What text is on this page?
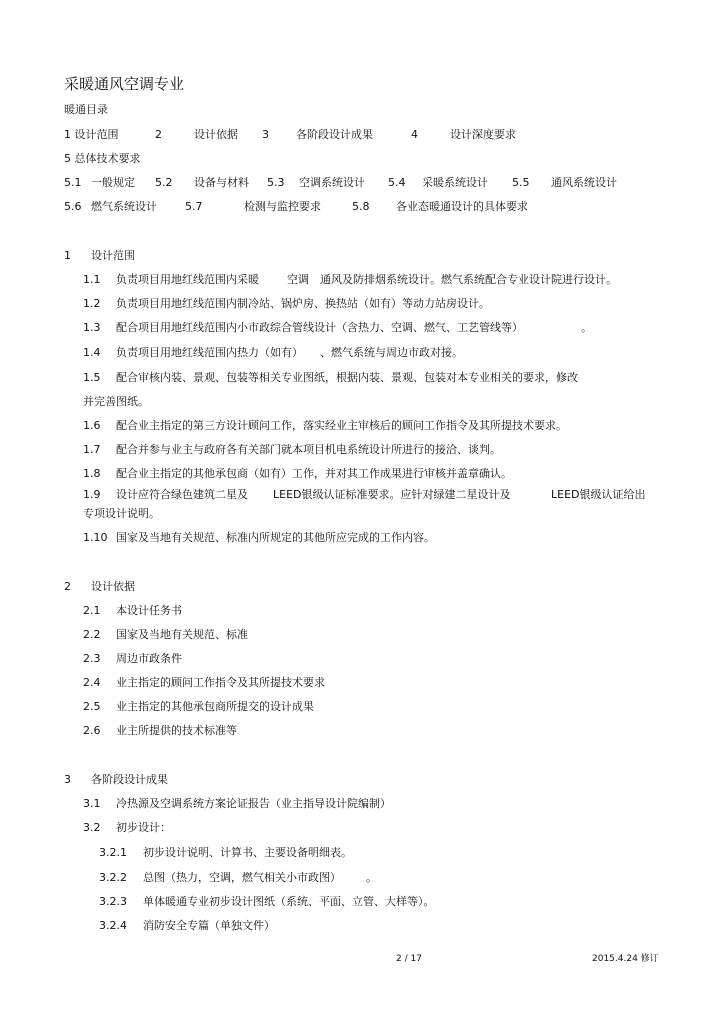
采暖通风空调专业
暖通目录
1 设计范围	2	设计依据 3 各阶段设计成果	4	设计深度要求
5 总体技术要求
5.1 一般规定 5.2 设备与材料 5.3 空调系统设计 5.4 采暖系统设计 5.5 通风系统设计
5.6 燃气系统设计	5.7	检测与监控要求	5.8 各业态暖通设计的具体要求
1 设计范围
1.1 负责项目用地红线范围内采暖	空调 通风及防排烟系统设计。燃气系统配合专业设计院进行设计。
1.2 负责项目用地红线范围内制冷站、锅炉房、换热站（如有）等动力站房设计。
1.3 配合项目用地红线范围内小市政综合管线设计（含热力、空调、燃气、工艺管线等）	。
1.4 负责项目用地红线范围内热力（如有） 、燃气系统与周边市政对接。
1.5 配合审核内装、景观、包装等相关专业图纸，根据内装、景观、包装对本专业相关的要求，修改
并完善图纸。
1.6 配合业主指定的第三方设计顾问工作，落实经业主审核后的顾问工作指令及其所提技术要求。
1.7 配合并参与业主与政府各有关部门就本项目机电系统设计所进行的接洽、谈判。
1.8 配合业主指定的其他承包商（如有）工作，并对其工作成果进行审核并盖章确认。
1.9 设计应符合绿色建筑二星及 LEED银级认证标准要求。应针对绿建二星设计及	LEED银级认证给出
专项设计说明。
1.10 国家及当地有关规范、标准内所规定的其他所应完成的工作内容。
2 设计依据
2.1 本设计任务书
2.2 国家及当地有关规范、标准
2.3 周边市政条件
2.4 业主指定的顾问工作指令及其所提技术要求
2.5 业主指定的其他承包商所提交的设计成果
2.6 业主所提供的技术标准等
3 各阶段设计成果
3.1 冷热源及空调系统方案论证报告（业主指导设计院编制）
3.2 初步设计：
3.2.1 初步设计说明、计算书、主要设备明细表。
3.2.2 总图（热力，空调，燃气相关小市政图） 。
3.2.3 单体暖通专业初步设计图纸（系统、平面、立管、大样等）。
3.2.4 消防安全专篇（单独文件）
2 / 17	2015.4.24 修订
